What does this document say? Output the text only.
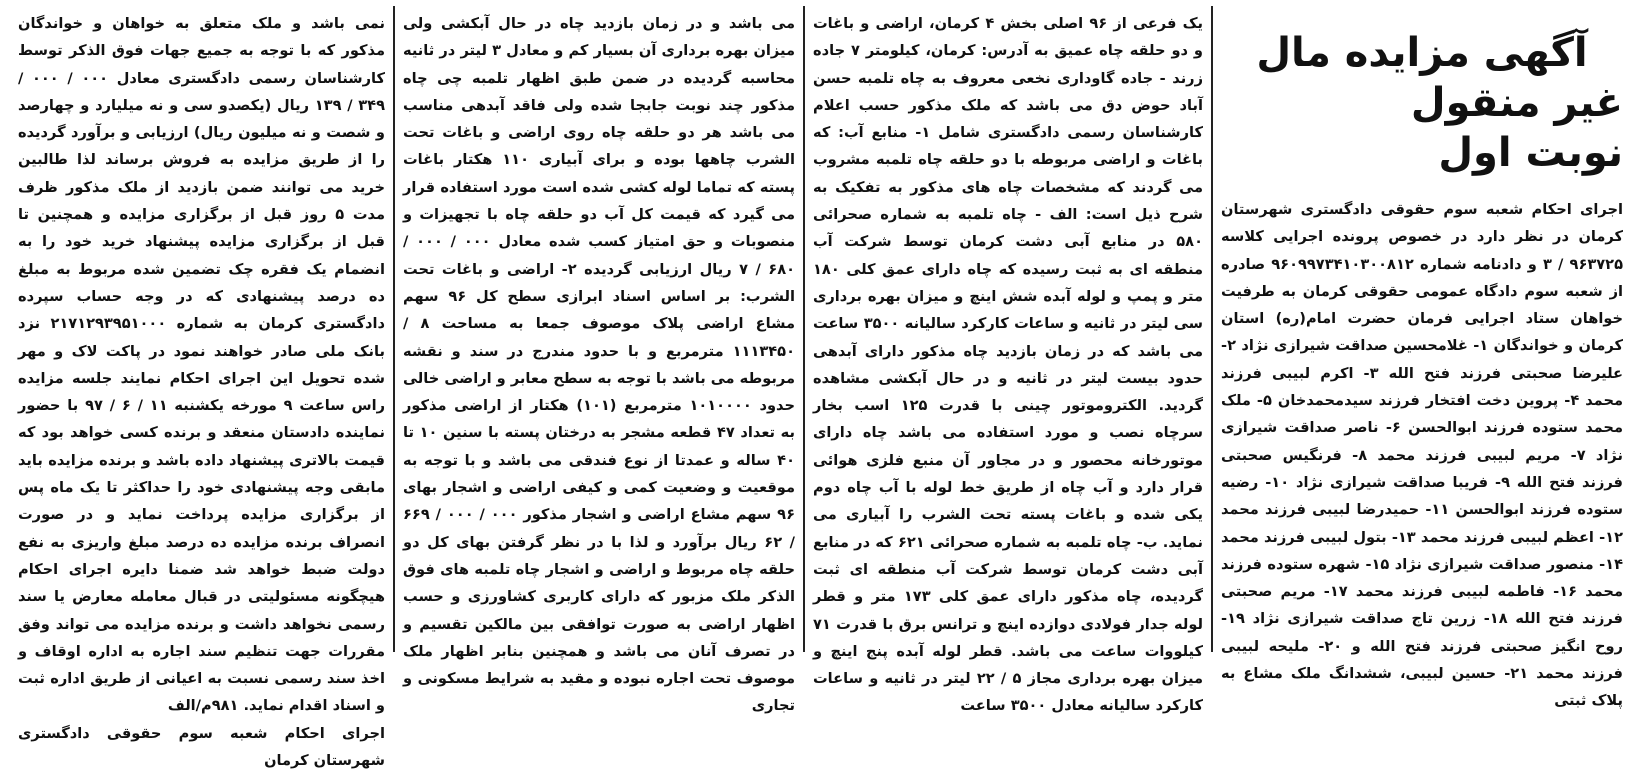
آگهی مزایده مال غیر منقول
نوبت اول

اجرای احکام شعبه سوم حقوقی دادگستری شهرستان کرمان در نظر دارد در خصوص پرونده اجرایی کلاسه ۹۶۳۷۲۵ / ۳ و دادنامه شماره ۹۶۰۹۹۷۳۴۱۰۳۰۰۸۱۲ صادره از شعبه سوم دادگاه عمومی حقوقی کرمان به طرفیت خواهان ستاد اجرایی فرمان حضرت امام(ره) استان کرمان و خواندگان ۱- غلامحسین صداقت شیرازی نژاد ۲- علیرضا صحبتی فرزند فتح الله ۳- اکرم لبیبی فرزند محمد ۴- پروین دخت افتخار فرزند سیدمحمدخان ۵- ملک محمد ستوده فرزند ابوالحسن ۶- ناصر صداقت شیرازی نژاد ۷- مریم لبیبی فرزند محمد ۸- فرنگیس صحبتی فرزند فتح الله ۹- فریبا صداقت شیرازی نژاد ۱۰- رضیه ستوده فرزند ابوالحسن ۱۱- حمیدرضا لبیبی فرزند محمد ۱۲- اعظم لبیبی فرزند محمد ۱۳- بتول لبیبی فرزند محمد ۱۴- منصور صداقت شیرازی نژاد ۱۵- شهره ستوده فرزند محمد ۱۶- فاطمه لبیبی فرزند محمد ۱۷- مریم صحبتی فرزند فتح الله ۱۸- زرین تاج صداقت شیرازی نژاد ۱۹- روح انگیز صحبتی فرزند فتح الله و ۲۰- ملیحه لبیبی فرزند محمد ۲۱- حسین لبیبی، ششدانگ ملک مشاع به پلاک ثبتی

یک فرعی از ۹۶ اصلی بخش ۴ کرمان، اراضی و باغات و دو حلقه چاه عمیق به آدرس: کرمان، کیلومتر ۷ جاده زرند - جاده گاوداری نخعی معروف به چاه تلمبه حسن آباد حوض دق می باشد که ملک مذکور حسب اعلام کارشناسان رسمی دادگستری شامل ۱- منابع آب: که باغات و اراضی مربوطه با دو حلقه چاه تلمبه مشروب می گردند که مشخصات چاه های مذکور به تفکیک به شرح ذیل است: الف - چاه تلمبه به شماره صحرائی ۵۸۰ در منابع آبی دشت کرمان توسط شرکت آب منطقه ای به ثبت رسیده که چاه دارای عمق کلی ۱۸۰ متر و پمپ و لوله آبده شش اینچ و میزان بهره برداری سی لیتر در ثانیه و ساعات کارکرد سالیانه ۳۵۰۰ ساعت می باشد که در زمان بازدید چاه مذکور دارای آبدهی حدود بیست لیتر در ثانیه و در حال آبکشی مشاهده گردید. الکتروموتور چینی با قدرت ۱۲۵ اسب بخار سرچاه نصب و مورد استفاده می باشد چاه دارای موتورخانه محصور و در مجاور آن منبع فلزی هوائی قرار دارد و آب چاه از طریق خط لوله با آب چاه دوم یکی شده و باغات پسته تحت الشرب را آبیاری می نماید. ب- چاه تلمبه به شماره صحرائی ۶۲۱ که در منابع آبی دشت کرمان توسط شرکت آب منطقه ای ثبت گردیده، چاه مذکور دارای عمق کلی ۱۷۳ متر و قطر لوله جدار فولادی دوازده اینچ و ترانس برق با قدرت ۷۱ کیلووات ساعت می باشد. قطر لوله آبده پنج اینچ و میزان بهره برداری مجاز ۵ / ۲۲ لیتر در ثانیه و ساعات کارکرد سالیانه معادل ۳۵۰۰ ساعت

می باشد و در زمان بازدید چاه در حال آبکشی ولی میزان بهره برداری آن بسیار کم و معادل ۳ لیتر در ثانیه محاسبه گردیده در ضمن طبق اظهار تلمبه چی چاه مذکور چند نوبت جابجا شده ولی فاقد آبدهی مناسب می باشد هر دو حلقه چاه روی اراضی و باغات تحت الشرب چاهها بوده و برای آبیاری ۱۱۰ هکتار باغات پسته که تماما لوله کشی شده است مورد استفاده قرار می گیرد که قیمت کل آب دو حلقه چاه با تجهیزات و منصوبات و حق امتیاز کسب شده معادل ۰۰۰ / ۰۰۰ / ۶۸۰ / ۷ ریال ارزیابی گردیده ۲- اراضی و باغات تحت الشرب: بر اساس اسناد ابرازی سطح کل ۹۶ سهم مشاع اراضی پلاک موصوف جمعا به مساحت ۸ / ۱۱۱۳۴۵۰ مترمربع و با حدود مندرج در سند و نقشه مربوطه می باشد با توجه به سطح معابر و اراضی خالی حدود ۱۰۱۰۰۰۰ مترمربع (۱۰۱) هکتار از اراضی مذکور به تعداد ۴۷ قطعه مشجر به درختان پسته با سنین ۱۰ تا ۴۰ ساله و عمدتا از نوع فندقی می باشد و با توجه به موقعیت و وضعیت کمی و کیفی اراضی و اشجار بهای ۹۶ سهم مشاع اراضی و اشجار مذکور ۰۰۰ / ۰۰۰ / ۶۶۹ / ۶۲ ریال برآورد و لذا با در نظر گرفتن بهای کل دو حلقه چاه مربوط و اراضی و اشجار چاه تلمبه های فوق الذکر ملک مزبور که دارای کاربری کشاورزی و حسب اظهار اراضی به صورت توافقی بین مالکین تقسیم و در تصرف آنان می باشد و همچنین بنابر اظهار ملک موصوف تحت اجاره نبوده و مقید به شرایط مسکونی و تجاری

نمی باشد و ملک متعلق به خواهان و خواندگان مذکور که با توجه به جمیع جهات فوق الذکر توسط کارشناسان رسمی دادگستری معادل ۰۰۰ / ۰۰۰ / ۳۴۹ / ۱۳۹ ریال (یکصدو سی و نه میلیارد و چهارصد و شصت و نه میلیون ریال) ارزیابی و برآورد گردیده را از طریق مزایده به فروش برساند لذا طالبین خرید می توانند ضمن بازدید از ملک مذکور ظرف مدت ۵ روز قبل از برگزاری مزایده و همچنین تا قبل از برگزاری مزایده پیشنهاد خرید خود را به انضمام یک فقره چک تضمین شده مربوط به مبلغ ده درصد پیشنهادی که در وجه حساب سپرده دادگستری کرمان به شماره ۲۱۷۱۲۹۳۹۵۱۰۰۰ نزد بانک ملی صادر خواهند نمود در پاکت لاک و مهر شده تحویل این اجرای احکام نمایند جلسه مزایده راس ساعت ۹ مورخه یکشنبه ۱۱ / ۶ / ۹۷ با حضور نماینده دادستان منعقد و برنده کسی خواهد بود که قیمت بالاتری پیشنهاد داده باشد و برنده مزایده باید مابقی وجه پیشنهادی خود را حداکثر تا یک ماه پس از برگزاری مزایده پرداخت نماید و در صورت انصراف برنده مزایده ده درصد مبلغ واریزی به نفع دولت ضبط خواهد شد ضمنا دایره اجرای احکام هیچگونه مسئولیتی در قبال معامله معارض یا سند رسمی نخواهد داشت و برنده مزایده می تواند وفق مقررات جهت تنظیم سند اجاره به اداره اوقاف و اخذ سند رسمی نسبت به اعیانی از طریق اداره ثبت و اسناد اقدام نماید. ۹۸۱م/الف

اجرای احکام شعبه سوم حقوقی دادگستری شهرستان کرمان
